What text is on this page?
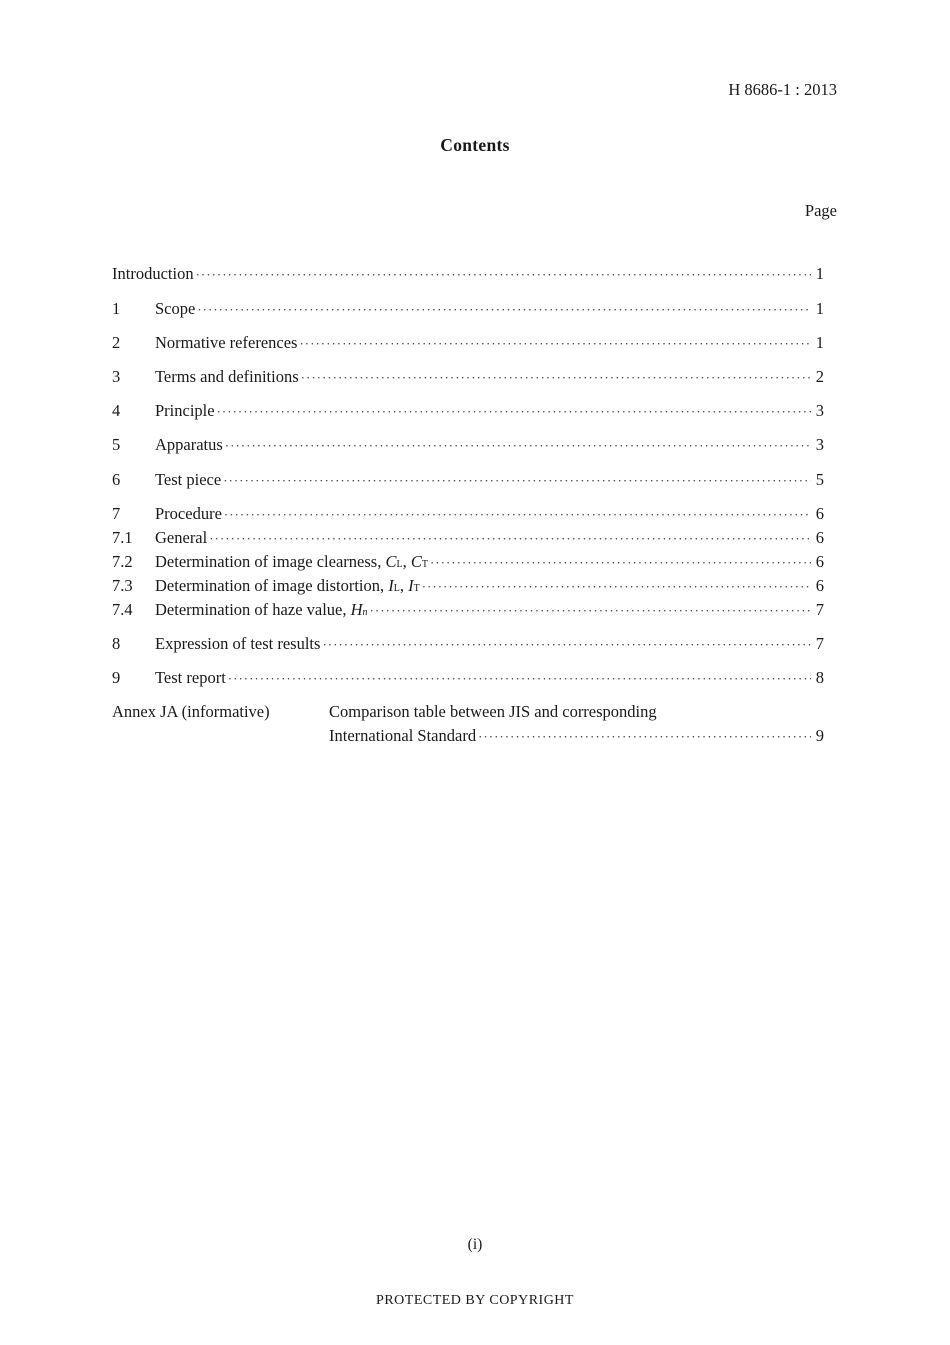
H 8686-1 : 2013
Contents
Page
Introduction ·····	1
1	Scope ·····	1
2	Normative references ·····	1
3	Terms and definitions ·····	2
4	Principle ·····	3
5	Apparatus ·····	3
6	Test piece ·····	5
7	Procedure ·····	6
7.1	General ·····	6
7.2	Determination of image clearness, CL, CT ·····	6
7.3	Determination of image distortion, IL, IT ·····	6
7.4	Determination of haze value, Hn ·····	7
8	Expression of test results ·····	7
9	Test report ·····	8
Annex JA (informative)	Comparison table between JIS and corresponding
International Standard ·····	9
(i)
PROTECTED BY COPYRIGHT
